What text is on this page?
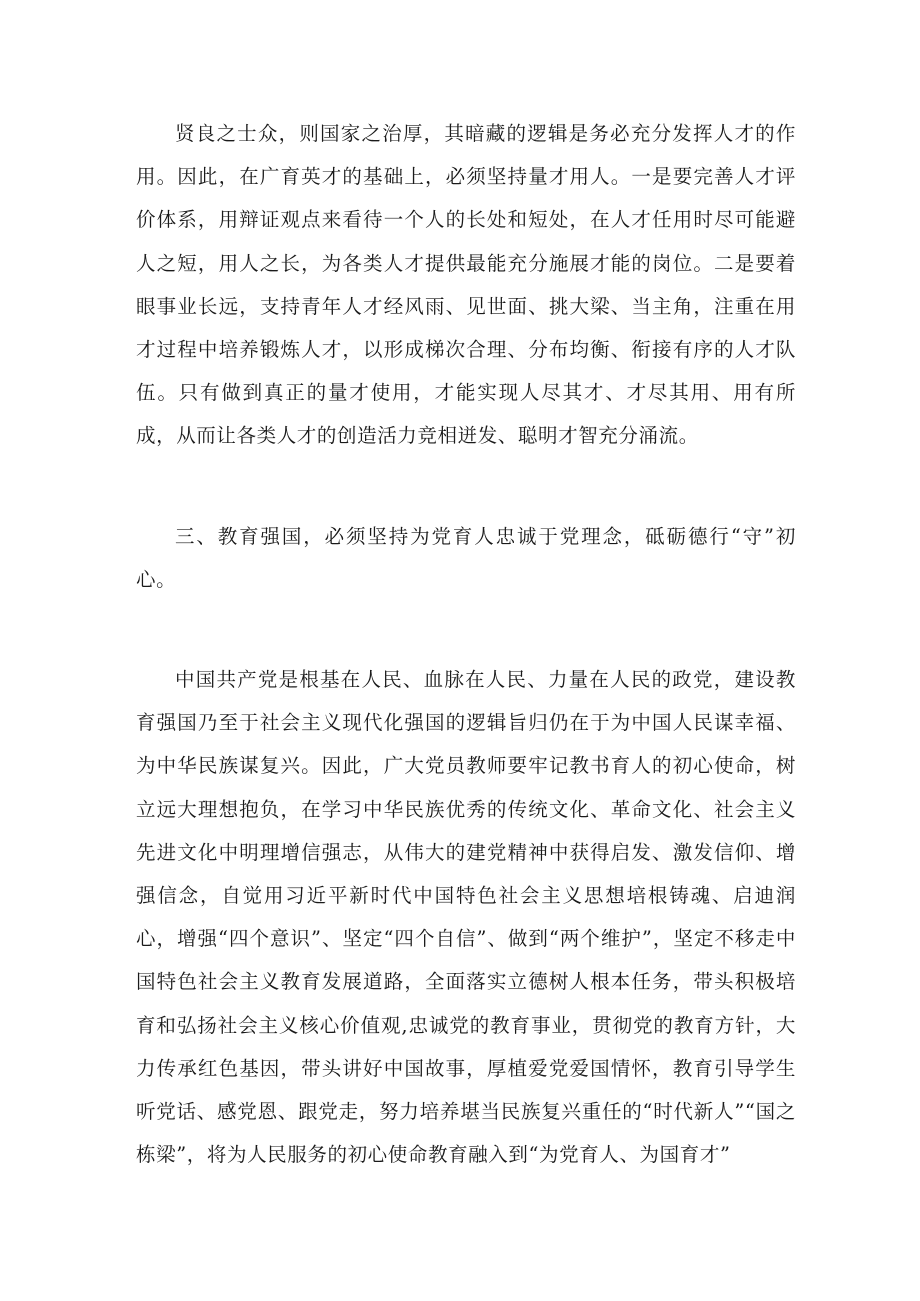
贤良之士众，则国家之治厚，其暗藏的逻辑是务必充分发挥人才的作用。因此，在广育英才的基础上，必须坚持量才用人。一是要完善人才评价体系，用辩证观点来看待一个人的长处和短处，在人才任用时尽可能避人之短，用人之长，为各类人才提供最能充分施展才能的岗位。二是要着眼事业长远，支持青年人才经风雨、见世面、挑大梁、当主角，注重在用才过程中培养锻炼人才，以形成梯次合理、分布均衡、衔接有序的人才队伍。只有做到真正的量才使用，才能实现人尽其才、才尽其用、用有所成，从而让各类人才的创造活力竞相迸发、聪明才智充分涌流。

三、教育强国，必须坚持为党育人忠诚于党理念，砥砺德行“守”初心。

中国共产党是根基在人民、血脉在人民、力量在人民的政党，建设教育强国乃至于社会主义现代化强国的逻辑旨归仍在于为中国人民谋幸福、为中华民族谋复兴。因此，广大党员教师要牢记教书育人的初心使命，树立远大理想抱负，在学习中华民族优秀的传统文化、革命文化、社会主义先进文化中明理增信强志，从伟大的建党精神中获得启发、激发信仰、增强信念，自觉用习近平新时代中国特色社会主义思想培根铸魂、启迪润心，增强“四个意识”、坚定“四个自信”、做到“两个维护”，坚定不移走中国特色社会主义教育发展道路，全面落实立德树人根本任务，带头积极培育和弘扬社会主义核心价值观,忠诚党的教育事业，贯彻党的教育方针，大力传承红色基因，带头讲好中国故事，厚植爱党爱国情怀，教育引导学生听党话、感党恩、跟党走，努力培养堪当民族复兴重任的“时代新人”“国之栋梁”，将为人民服务的初心使命教育融入到“为党育人、为国育才”
